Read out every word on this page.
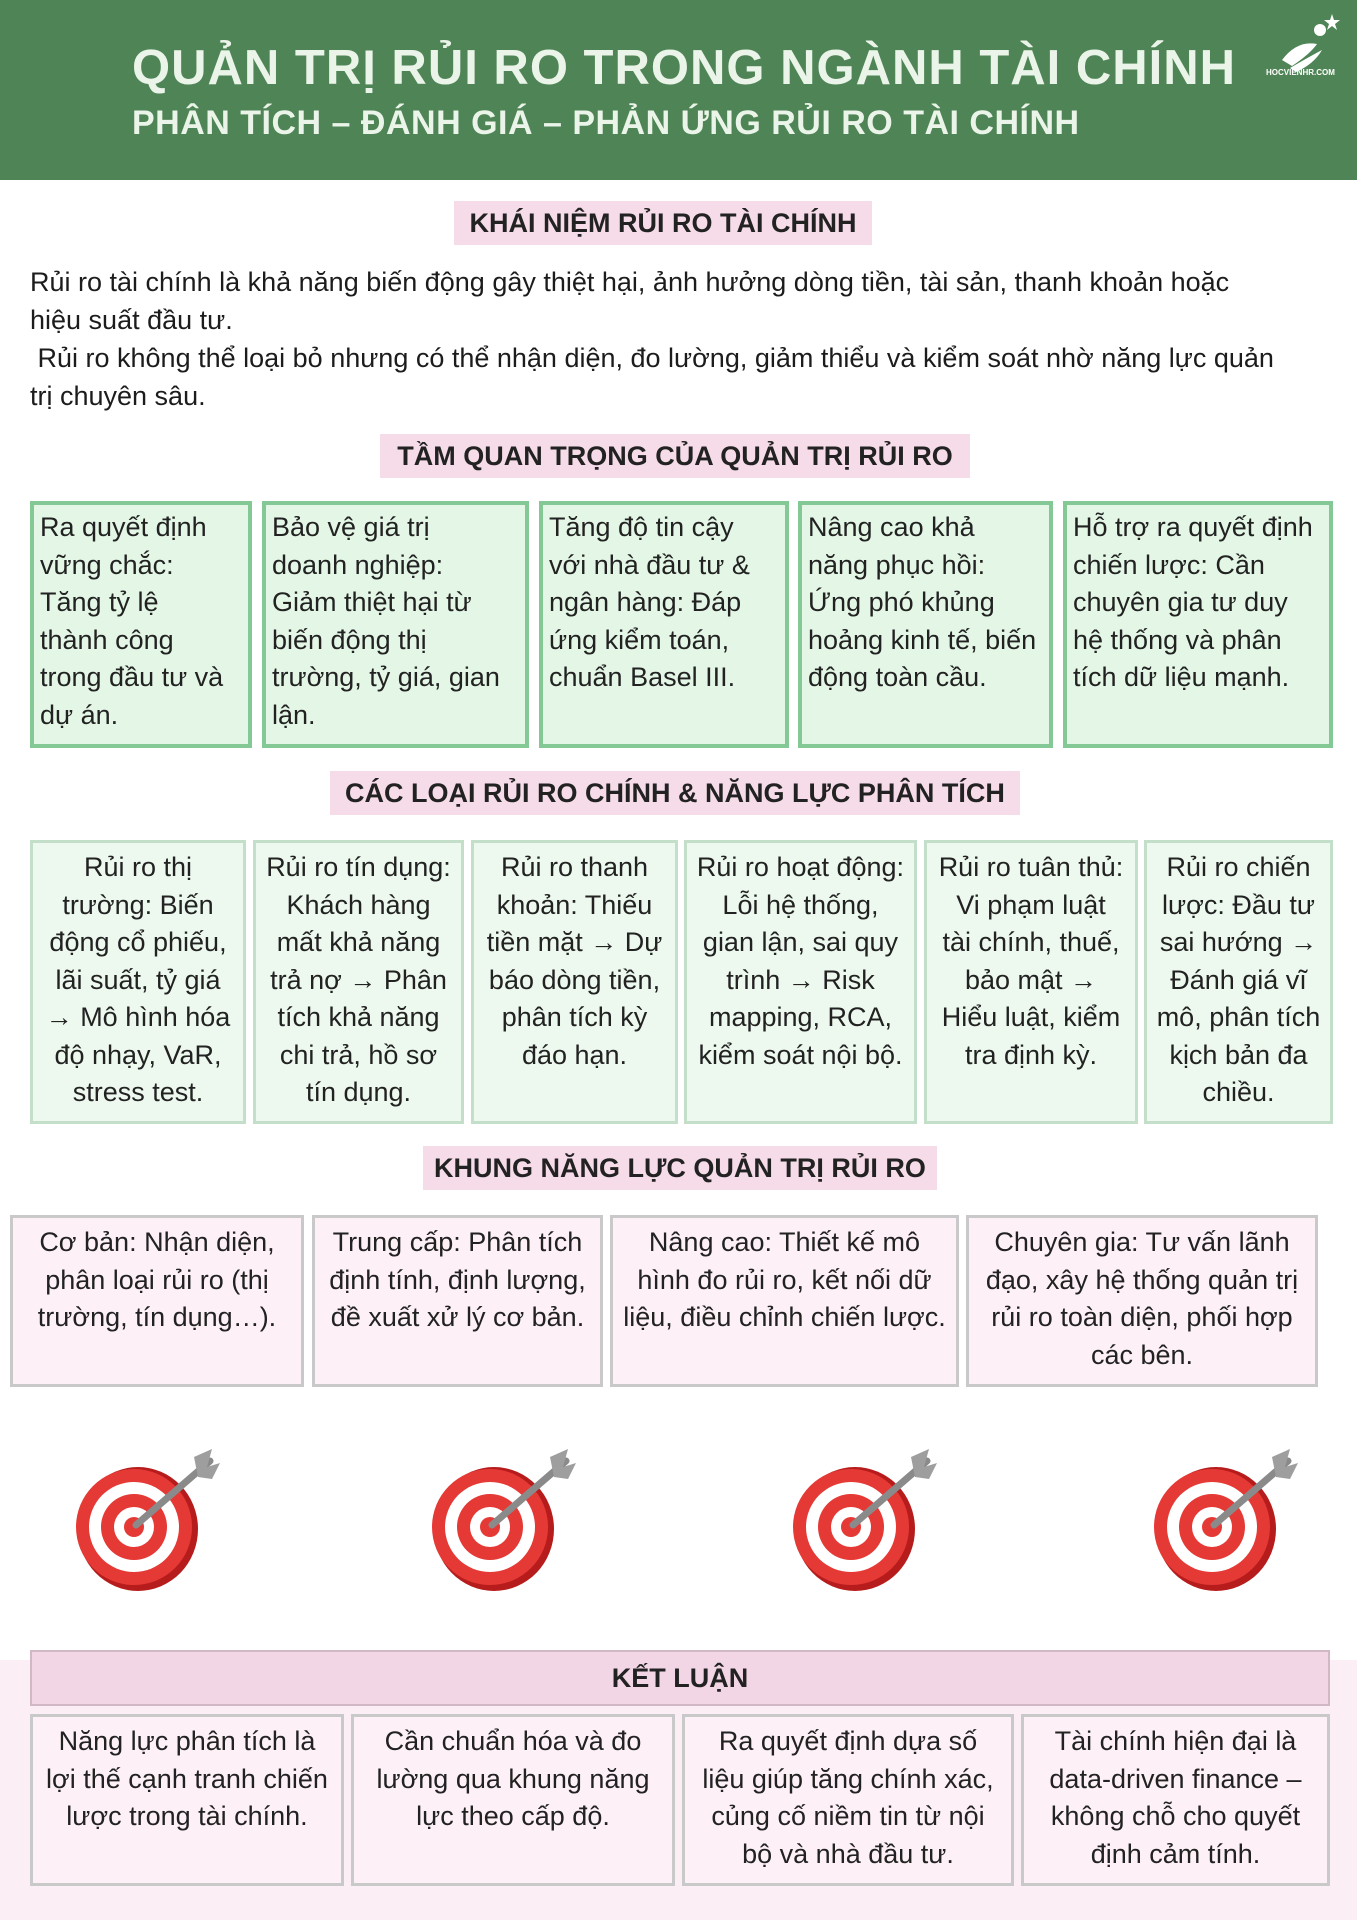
QUẢN TRỊ RỦI RO TRONG NGÀNH TÀI CHÍNH
PHÂN TÍCH – ĐÁNH GIÁ – PHẢN ỨNG RỦI RO TÀI CHÍNH
HOCVIENHR.COM
KHÁI NIỆM RỦI RO TÀI CHÍNH
Rủi ro tài chính là khả năng biến động gây thiệt hại, ảnh hưởng dòng tiền, tài sản, thanh khoản hoặc
hiệu suất đầu tư.
Rủi ro không thể loại bỏ nhưng có thể nhận diện, đo lường, giảm thiểu và kiểm soát nhờ năng lực quản
trị chuyên sâu.
TẦM QUAN TRỌNG CỦA QUẢN TRỊ RỦI RO
Ra quyết định
vững chắc:
Tăng tỷ lệ
thành công
trong đầu tư và
dự án.
Bảo vệ giá trị
doanh nghiệp:
Giảm thiệt hại từ
biến động thị
trường, tỷ giá, gian
lận.
Tăng độ tin cậy
với nhà đầu tư &
ngân hàng: Đáp
ứng kiểm toán,
chuẩn Basel III.
Nâng cao khả
năng phục hồi:
Ứng phó khủng
hoảng kinh tế, biến
động toàn cầu.
Hỗ trợ ra quyết định
chiến lược: Cần
chuyên gia tư duy
hệ thống và phân
tích dữ liệu mạnh.
CÁC LOẠI RỦI RO CHÍNH & NĂNG LỰC PHÂN TÍCH
Rủi ro thị
trường: Biến
động cổ phiếu,
lãi suất, tỷ giá
→ Mô hình hóa
độ nhạy, VaR,
stress test.
Rủi ro tín dụng:
Khách hàng
mất khả năng
trả nợ → Phân
tích khả năng
chi trả, hồ sơ
tín dụng.
Rủi ro thanh
khoản: Thiếu
tiền mặt → Dự
báo dòng tiền,
phân tích kỳ
đáo hạn.
Rủi ro hoạt động:
Lỗi hệ thống,
gian lận, sai quy
trình → Risk
mapping, RCA,
kiểm soát nội bộ.
Rủi ro tuân thủ:
Vi phạm luật
tài chính, thuế,
bảo mật →
Hiểu luật, kiểm
tra định kỳ.
Rủi ro chiến
lược: Đầu tư
sai hướng →
Đánh giá vĩ
mô, phân tích
kịch bản đa
chiều.
KHUNG NĂNG LỰC QUẢN TRỊ RỦI RO
Cơ bản: Nhận diện,
phân loại rủi ro (thị
trường, tín dụng…).
Trung cấp: Phân tích
định tính, định lượng,
đề xuất xử lý cơ bản.
Nâng cao: Thiết kế mô
hình đo rủi ro, kết nối dữ
liệu, điều chỉnh chiến lược.
Chuyên gia: Tư vấn lãnh
đạo, xây hệ thống quản trị
rủi ro toàn diện, phối hợp
các bên.
KẾT LUẬN
Năng lực phân tích là
lợi thế cạnh tranh chiến
lược trong tài chính.
Cần chuẩn hóa và đo
lường qua khung năng
lực theo cấp độ.
Ra quyết định dựa số
liệu giúp tăng chính xác,
củng cố niềm tin từ nội
bộ và nhà đầu tư.
Tài chính hiện đại là
data-driven finance –
không chỗ cho quyết
định cảm tính.
